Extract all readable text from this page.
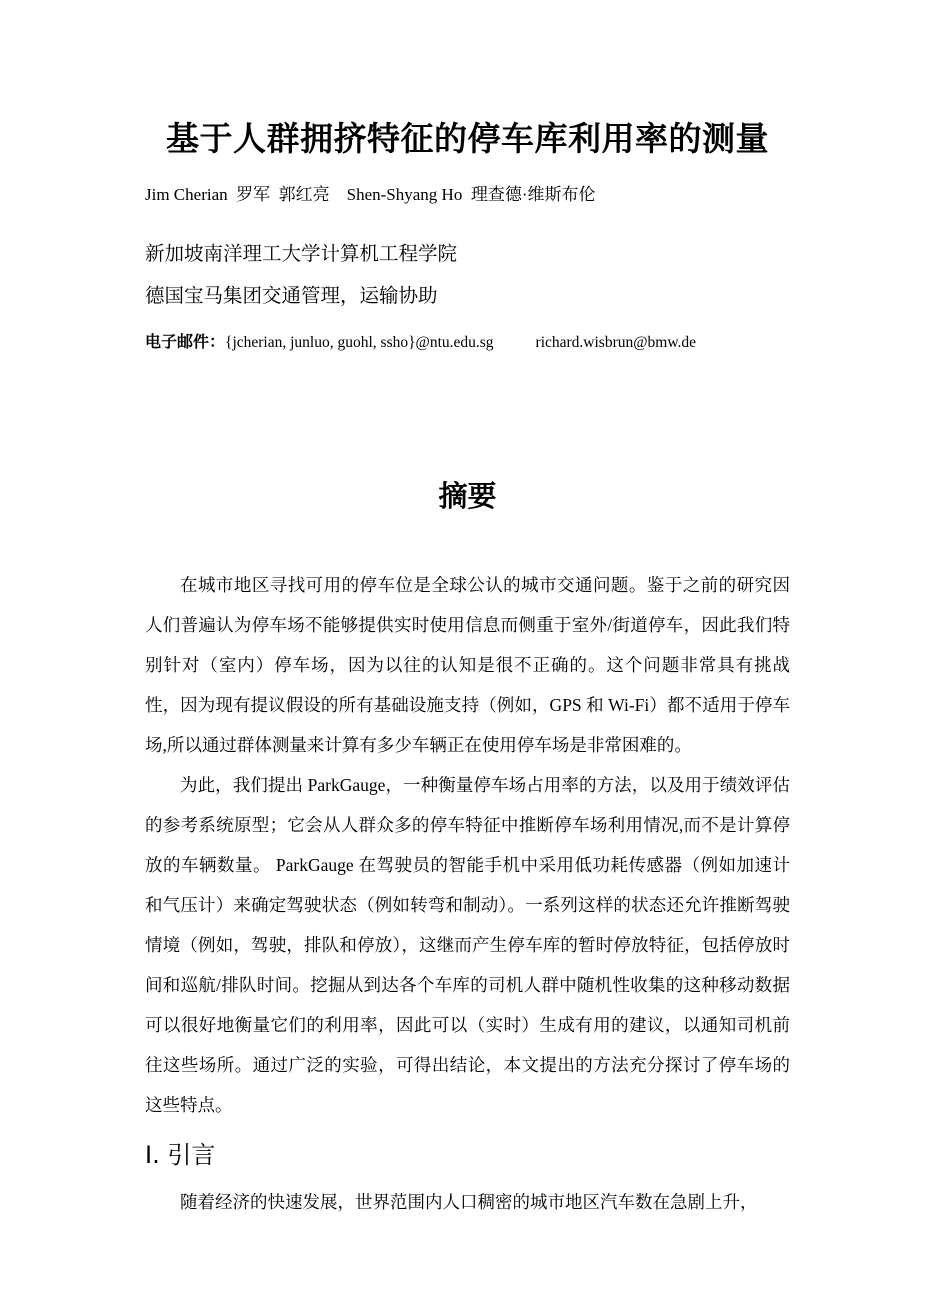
基于人群拥挤特征的停车库利用率的测量
Jim Cherian  罗军  郭红亮    Shen-Shyang Ho  理查德·维斯布伦
新加坡南洋理工大学计算机工程学院
德国宝马集团交通管理，运输协助
电子邮件：{jcherian, junluo, guohl, ssho}@ntu.edu.sg	richard.wisbrun@bmw.de
摘要

在城市地区寻找可用的停车位是全球公认的城市交通问题。鉴于之前的研究因人们普遍认为停车场不能够提供实时使用信息而侧重于室外/街道停车，因此我们特别针对（室内）停车场，因为以往的认知是很不正确的。这个问题非常具有挑战性，因为现有提议假设的所有基础设施支持（例如，GPS 和 Wi-Fi）都不适用于停车场,所以通过群体测量来计算有多少车辆正在使用停车场是非常困难的。

为此，我们提出 ParkGauge，一种衡量停车场占用率的方法，以及用于绩效评估的参考系统原型；它会从人群众多的停车特征中推断停车场利用情况,而不是计算停放的车辆数量。 ParkGauge 在驾驶员的智能手机中采用低功耗传感器（例如加速计和气压计）来确定驾驶状态（例如转弯和制动）。一系列这样的状态还允许推断驾驶情境（例如，驾驶，排队和停放），这继而产生停车库的暂时停放特征，包括停放时间和巡航/排队时间。挖掘从到达各个车库的司机人群中随机性收集的这种移动数据可以很好地衡量它们的利用率，因此可以（实时）生成有用的建议，以通知司机前往这些场所。通过广泛的实验，可得出结论，本文提出的方法充分探讨了停车场的这些特点。

I. 引言

随着经济的快速发展，世界范围内人口稠密的城市地区汽车数在急剧上升，
